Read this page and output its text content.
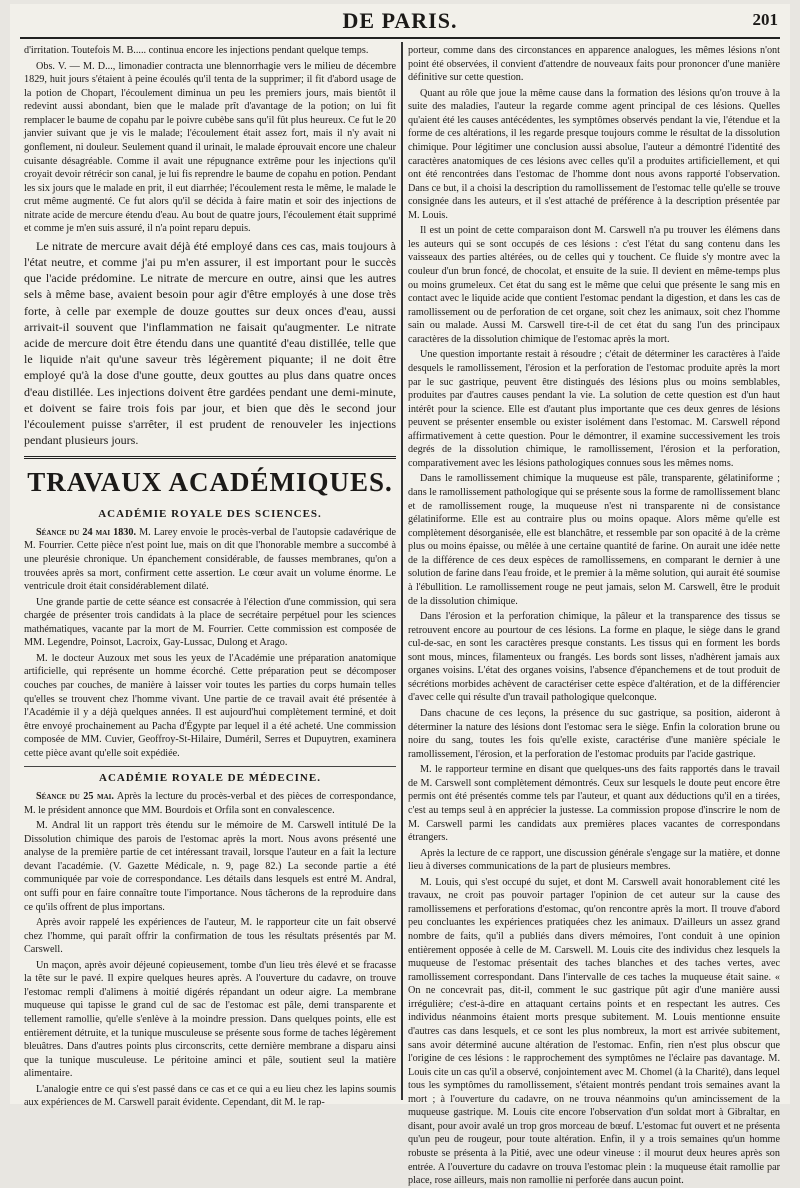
DE PARIS.	201

d'irritation. Toutefois M. B..... continua encore les injections pendant quelque temps.

Obs. V. — M. D..., limonadier contracta une blennorrhagie vers le milieu de décembre 1829, huit jours s'étaient à peine écoulés qu'il tenta de la supprimer; il fit d'abord usage de la potion de Chopart, l'écoulement diminua un peu les premiers jours, mais bientôt il redevint aussi abondant, bien que le malade prît d'avantage de la potion; on lui fit remplacer le baume de copahu par le poivre cubèbe sans qu'il fût plus heureux. Ce fut le 20 janvier suivant que je vis le malade; l'écoulement était assez fort, mais il n'y avait ni gonflement, ni douleur. Seulement quand il urinait, le malade éprouvait encore une chaleur cuisante désagréable. Comme il avait une répugnance extrême pour les injections qu'il croyait devoir rétrécir son canal, je lui fis reprendre le baume de copahu en potion. Pendant les six jours que le malade en prit, il eut diarrhée; l'écoulement resta le même, le malade le crut même augmenté. Ce fut alors qu'il se décida à faire matin et soir des injections de nitrate acide de mercure étendu d'eau. Au bout de quatre jours, l'écoulement était supprimé et comme je m'en suis assuré, il n'a point reparu depuis.

Le nitrate de mercure avait déjà été employé dans ces cas, mais toujours à l'état neutre, et comme j'ai pu m'en assurer, il est important pour le succès que l'acide prédomine. Le nitrate de mercure en outre, ainsi que les autres sels à même base, avaient besoin pour agir d'être employés à une dose très forte, à celle par exemple de douze gouttes sur deux onces d'eau, aussi arrivait-il souvent que l'inflammation ne faisait qu'augmenter. Le nitrate acide de mercure doit être étendu dans une quantité d'eau distillée, telle que le liquide n'ait qu'une saveur très légèrement piquante; il ne doit être employé qu'à la dose d'une goutte, deux gouttes au plus dans quatre onces d'eau distillée. Les injections doivent être gardées pendant une demi-minute, et doivent se faire trois fois par jour, et bien que dès le second jour l'écoulement puisse s'arrêter, il est prudent de renouveler les injections pendant plusieurs jours.

TRAVAUX ACADÉMIQUES.
ACADÉMIE ROYALE DES SCIENCES.

Séance du 24 mai 1830. M. Larey envoie le procès-verbal de l'autopsie cadavérique de M. Fourrier. Cette pièce n'est point lue, mais on dit que l'honorable membre a succombé à une pleurésie chronique. Un épanchement considérable, de fausses membranes, qu'on a trouvées après sa mort, confirment cette assertion. Le cœur avait un volume énorme. Le ventricule droit était considérablement dilaté.

Une grande partie de cette séance est consacrée à l'élection d'une commission, qui sera chargée de présenter trois candidats à la place de secrétaire perpétuel pour les sciences mathématiques, vacante par la mort de M. Fourrier. Cette commission est composée de MM. Legendre, Poinsot, Lacroix, Gay-Lussac, Dulong et Arago.

M. le docteur Auzoux met sous les yeux de l'Académie une préparation anatomique artificielle, qui représente un homme écorché. Cette préparation peut se décomposer couches par couches, de manière à laisser voir toutes les parties du corps humain telles qu'elles se trouvent chez l'homme vivant. Une partie de ce travail avait été présentée à l'Académie il y a déjà quelques années. Il est aujourd'hui complètement terminé, et doit être envoyé prochainement au Pacha d'Égypte par lequel il a été acheté. Une commission composée de MM. Cuvier, Geoffroy-St-Hilaire, Duméril, Serres et Dupuytren, examinera cette pièce avant qu'elle soit expédiée.

ACADÉMIE ROYALE DE MÉDECINE.

Séance du 25 mai. Après la lecture du procès-verbal et des pièces de correspondance, M. le président annonce que MM. Bourdois et Orfila sont en convalescence.

M. Andral lit un rapport très étendu sur le mémoire de M. Carswell intitulé De la Dissolution chimique des parois de l'estomac après la mort. Nous avons présenté une analyse de la première partie de cet intéressant travail, lorsque l'auteur en a fait la lecture devant l'académie. (V. Gazette Médicale, n. 9, page 82.) La seconde partie a été communiquée par voie de correspondance. Les détails dans lesquels est entré M. Andral, ont suffi pour en faire connaître toute l'importance. Nous tâcherons de la reproduire dans ce qu'ils offrent de plus importans.

Après avoir rappelé les expériences de l'auteur, M. le rapporteur cite un fait observé chez l'homme, qui paraît offrir la confirmation de tous les résultats présentés par M. Carswell.

Un maçon, après avoir déjeuné copieusement, tombe d'un lieu très élevé et se fracasse la tête sur le pavé. Il expire quelques heures après. A l'ouverture du cadavre, on trouve l'estomac rempli d'alimens à moitié digérés répandant un odeur aigre. La membrane muqueuse qui tapisse le grand cul de sac de l'estomac est pâle, demi transparente et tellement ramollie, qu'elle s'enlève à la moindre pression. Dans quelques points, elle est entièrement détruite, et la tunique musculeuse se présente sous forme de taches légèrement bleuâtres. Dans d'autres points plus circonscrits, cette dernière membrane a disparu ainsi que la tunique musculeuse. Le péritoine aminci et pâle, soutient seul la matière alimentaire.

L'analogie entre ce qui s'est passé dans ce cas et ce qui a eu lieu chez les lapins soumis aux expériences de M. Carswell parait évidente. Cependant, dit M. le rap-

porteur, comme dans des circonstances en apparence analogues, les mêmes lésions n'ont point été observées, il convient d'attendre de nouveaux faits pour prononcer d'une manière définitive sur cette question.

Quant au rôle que joue la même cause dans la formation des lésions qu'on trouve à la suite des maladies, l'auteur la regarde comme agent principal de ces lésions. Quelles qu'aient été les causes antécédentes, les symptômes observés pendant la vie, l'étendue et la forme de ces altérations, il les regarde presque toujours comme le résultat de la dissolution chimique. Pour légitimer une conclusion aussi absolue, l'auteur a démontré l'identité des caractères anatomiques de ces lésions avec celles qu'il a produites artificiellement, et qui ont été rencontrées dans l'estomac de l'homme dont nous avons rapporté l'observation. Dans ce but, il a choisi la description du ramollissement de l'estomac telle qu'elle se trouve consignée dans les auteurs, et il s'est attaché de préférence à la description présentée par M. Louis.

Il est un point de cette comparaison dont M. Carswell n'a pu trouver les élémens dans les auteurs qui se sont occupés de ces lésions : c'est l'état du sang contenu dans les vaisseaux des parties altérées, ou de celles qui y touchent. Ce fluide s'y montre avec la couleur d'un brun foncé, de chocolat, et ensuite de la suie. Il devient en même-temps plus ou moins grumeleux. Cet état du sang est le même que celui que présente le sang mis en contact avec le liquide acide que contient l'estomac pendant la digestion, et dans les cas de ramollissement ou de perforation de cet organe, soit chez les animaux, soit chez l'homme sain ou malade. Aussi M. Carswell tire-t-il de cet état du sang l'un des principaux caractères de la dissolution chimique de l'estomac après la mort.

Une question importante restait à résoudre ; c'était de déterminer les caractères à l'aide desquels le ramollissement, l'érosion et la perforation de l'estomac produite après la mort par le suc gastrique, peuvent être distingués des lésions plus ou moins semblables, produites par d'autres causes pendant la vie. La solution de cette question est d'un haut intérêt pour la science. Elle est d'autant plus importante que ces deux genres de lésions peuvent se présenter ensemble ou exister isolément dans l'estomac. M. Carswell répond affirmativement à cette question. Pour le démontrer, il examine successivement les trois degrés de la dissolution chimique, le ramollissement, l'érosion et la perforation, comparativement avec les lésions pathologiques connues sous les mêmes noms.

Dans le ramollissement chimique la muqueuse est pâle, transparente, gélatiniforme ; dans le ramollissement pathologique qui se présente sous la forme de ramollissement blanc et de ramollissement rouge, la muqueuse n'est ni transparente ni de consistance gélatiniforme. Elle est au contraire plus ou moins opaque. Alors même qu'elle est complètement désorganisée, elle est blanchâtre, et ressemble par son opacité à de la crème plus ou moins épaisse, ou mêlée à une certaine quantité de farine. On aurait une idée nette de la différence de ces deux espèces de ramollissemens, en comparant le dernier à une solution de farine dans l'eau froide, et le premier à la même solution, qui aurait été soumise à l'ébullition. Le ramollissement rouge ne peut jamais, selon M. Carswell, être le produit de la dissolution chimique.

Dans l'érosion et la perforation chimique, la pâleur et la transparence des tissus se retrouvent encore au pourtour de ces lésions. La forme en plaque, le siège dans le grand cul-de-sac, en sont les caractères presque constants. Les tissus qui en forment les bords sont mous, minces, filamenteux ou frangés. Les bords sont lisses, n'adhèrent jamais aux organes voisins. L'état des organes voisins, l'absence d'épanchemens et de tout produit de sécrétions morbides achèvent de caractériser cette espèce d'altération, et de la différencier d'avec celle qui résulte d'un travail pathologique quelconque.

Dans chacune de ces leçons, la présence du suc gastrique, sa position, aideront à déterminer la nature des lésions dont l'estomac sera le siège. Enfin la coloration brune ou noire du sang, toutes les fois qu'elle existe, caractérise d'une manière spéciale le ramollissement, l'érosion, et la perforation de l'estomac produits par l'acide gastrique.

M. le rapporteur termine en disant que quelques-uns des faits rapportés dans le travail de M. Carswell sont complètement démontrés. Ceux sur lesquels le doute peut encore être permis ont été présentés comme tels par l'auteur, et quant aux déductions qu'il en a tirées, c'est au temps seul à en apprécier la justesse. La commission propose d'inscrire le nom de M. Carswell parmi les candidats aux premières places vacantes de correspondans étrangers.

Après la lecture de ce rapport, une discussion générale s'engage sur la matière, et donne lieu à diverses communications de la part de plusieurs membres.

M. Louis, qui s'est occupé du sujet, et dont M. Carswell avait honorablement cité les travaux, ne croit pas pouvoir partager l'opinion de cet auteur sur la cause des ramollissemens et perforations d'estomac, qu'on rencontre après la mort. Il trouve d'abord peu concluantes les expériences pratiquées chez les animaux. D'ailleurs un assez grand nombre de faits, qu'il a publiés dans divers mémoires, l'ont conduit à une opinion entièrement opposée à celle de M. Carswell. M. Louis cite des individus chez lesquels la muqueuse de l'estomac présentait des taches blanches et des taches vertes, avec ramollissement correspondant. Dans l'intervalle de ces taches la muqueuse était saine. « On ne concevrait pas, dit-il, comment le suc gastrique pût agir d'une manière aussi irrégulière; c'est-à-dire en attaquant certains points et en respectant les autres. Ces individus néanmoins étaient morts presque subitement. M. Louis mentionne ensuite d'autres cas dans lesquels, et ce sont les plus nombreux, la mort est arrivée subitement, sans avoir déterminé aucune altération de l'estomac. Enfin, rien n'est plus obscur que l'origine de ces lésions : le rapprochement des symptômes ne l'éclaire pas davantage. M. Louis cite un cas qu'il a observé, conjointement avec M. Chomel (à la Charité), dans lequel tous les symptômes du ramollissement, s'étaient montrés pendant trois semaines avant la mort ; à l'ouverture du cadavre, on ne trouva néanmoins qu'un amincissement de la muqueuse gastrique. M. Louis cite encore l'observation d'un soldat mort à Gibraltar, en disant, pour avoir avalé un trop gros morceau de bœuf. L'estomac fut ouvert et ne présenta qu'un peu de rougeur, pour toute altération. Enfin, il y a trois semaines qu'un homme robuste se présenta à la Pitié, avec une odeur vineuse : il mourut deux heures après son entrée. A l'ouverture du cadavre on trouva l'estomac plein : la muqueuse était ramollie par place, rose ailleurs, mais non ramollie ni perforée dans aucun point.
